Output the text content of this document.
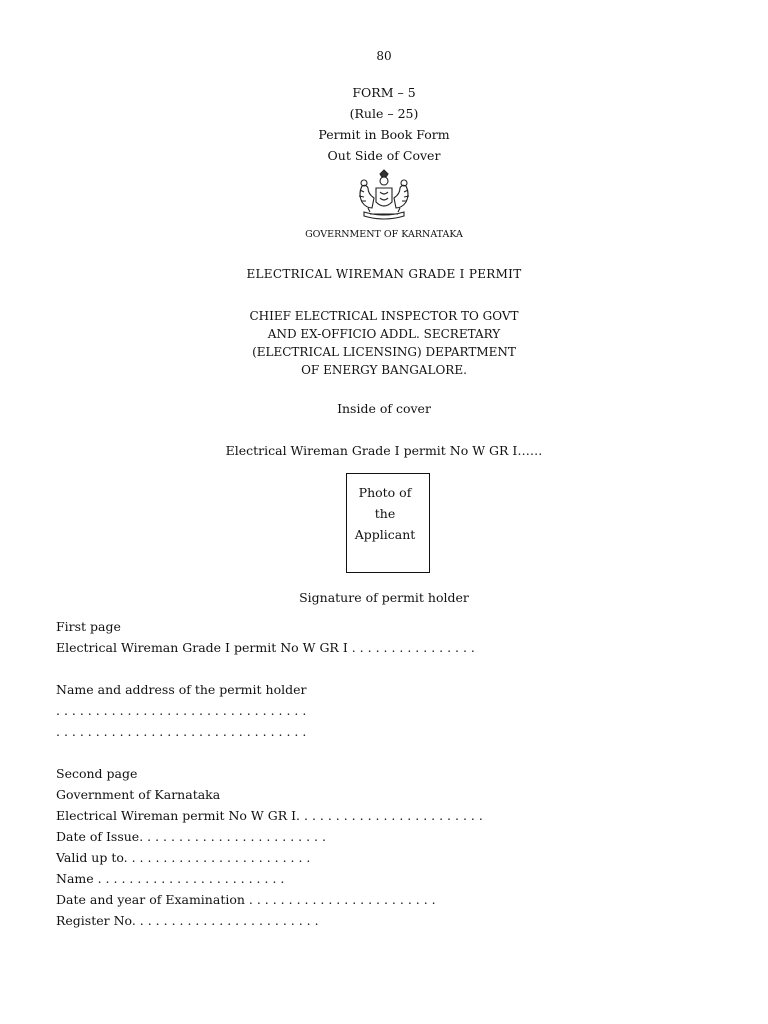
80
FORM – 5
(Rule – 25)
Permit in Book Form
Out Side of Cover
GOVERNMENT OF KARNATAKA
ELECTRICAL WIREMAN GRADE I PERMIT
CHIEF ELECTRICAL INSPECTOR TO GOVT
AND EX-OFFICIO ADDL. SECRETARY
(ELECTRICAL LICENSING) DEPARTMENT
OF ENERGY BANGALORE.
Inside of cover
Electrical Wireman Grade I permit No W GR I……
Photo of
the
Applicant
Signature of permit holder
First page
Electrical Wireman Grade I permit No W GR I . . . . . . . . . . . . . . . .
Name and address of the permit holder
. . . . . . . . . . . . . . . . . . . . . . . . . . . . . . . .
. . . . . . . . . . . . . . . . . . . . . . . . . . . . . . . .
Second page
Government of Karnataka
Electrical Wireman permit No W GR I. . . . . . . . . . . . . . . . . . . . . . . .
Date of Issue. . . . . . . . . . . . . . . . . . . . . . . .
Valid up to. . . . . . . . . . . . . . . . . . . . . . . .
Name . . . . . . . . . . . . . . . . . . . . . . . .
Date and year of Examination . . . . . . . . . . . . . . . . . . . . . . . .
Register No. . . . . . . . . . . . . . . . . . . . . . . .
